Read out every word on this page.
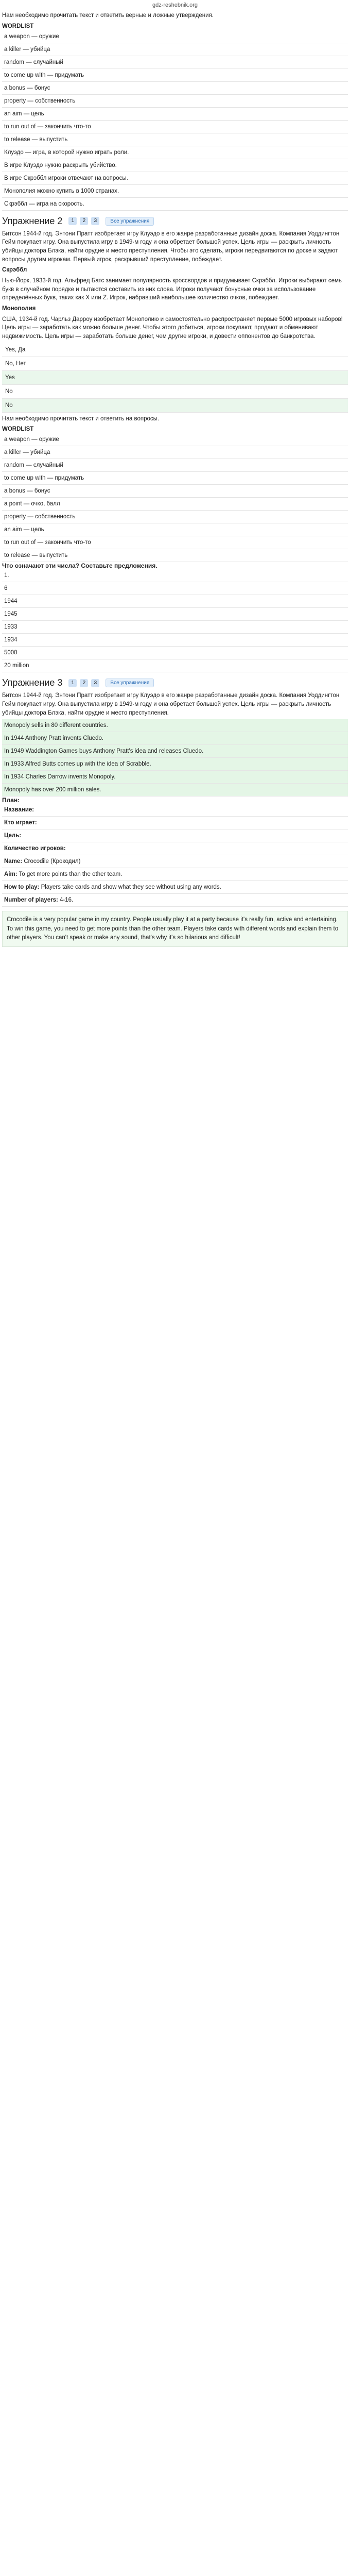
gdz-reshebnik.org
Нам необходимо прочитать текст и ответить верные и ложные утверждения.
WORDLIST
a weapon — оружие
a killer — убийца
random — случайный
to come up with — придумать
a bonus — бонус
property — собственность
an aim — цель
to run out of — закончить что-то
to release — выпустить
Клуэдо — игра, в которой нужно играть роли.
В игре Клуэдо нужно раскрыть убийство.
В игре Скрэббл игроки отвечают на вопросы.
Монополия можно купить в 1000 странах.
Скрэббл — игра на скорость.
Упражнение 2	1	2	3	Все упражнения
Битсон 1944-й год. Энтони Пратт изобретает игру Клуэдо в его жанре разработанные дизайн доска. Компания Уоддингтон Гейм покупает игру. Она выпустила игру в 1949-м году и она обретает большой успех. Цель игры — раскрыть личность убийцы доктора Блэка, найти орудие и место преступления. Чтобы это сделать, игроки передвигаются по доске и задают вопросы другим игрокам. Первый игрок, раскрывший преступление, побеждает.
Скрэббл
Нью-Йорк, 1933-й год. Альфред Батс занимает популярность кроссвордов и придумывает Скрэббл. Игроки выбирают семь букв в случайном порядке и пытаются составить из них слова. Игроки получают бонусные очки за использование определённых букв, таких как Х или Z. Игрок, набравший наибольшее количество очков, побеждает.
Монополия
США, 1934-й год. Чарльз Дарроу изобретает Монополию и самостоятельно распространяет первые 5000 игровых наборов! Цель игры — заработать как можно больше денег. Чтобы этого добиться, игроки покупают, продают и обменивают недвижимость. Цель игры — заработать больше денег, чем другие игроки, и довести оппонентов до банкротства.
Yes, Да
No, Нет
Yes
No
No
Нам необходимо прочитать текст и ответить на вопросы.
WORDLIST
a weapon — оружие
a killer — убийца
random — случайный
to come up with — придумать
a bonus — бонус
a point — очко, балл
property — собственность
an aim — цель
to run out of — закончить что-то
to release — выпустить
Что означают эти числа? Составьте предложения.
1.
6
1944
1945
1933
1934
5000
20 million
Упражнение 3	1	2	3	Все упражнения
Битсон 1944-й год. Энтони Пратт изобретает игру Клуэдо в его жанре разработанные дизайн доска. Компания Уоддингтон Гейм покупает игру. Она выпустила игру в 1949-м году и она обретает большой успех. Цель игры — раскрыть личность убийцы доктора Блэка, найти орудие и место преступления.
Monopoly sells in 80 different countries.
In 1944 Anthony Pratt invents Cluedo.
In 1949 Waddington Games buys Anthony Pratt's idea and releases Cluedo.
In 1933 Alfred Butts comes up with the idea of Scrabble.
In 1934 Charles Darrow invents Monopoly.
Monopoly has over 200 million sales.
План:
Название:
Кто играет:
Цель:
Количество игроков:
Name: Crocodile (Крокодил)
Aim: To get more points than the other team.
How to play: Players take cards and show what they see without using any words.
Number of players: 4-16.
Crocodile is a very popular game in my country. People usually play it at a party because it's really fun, active and entertaining. To win this game, you need to get more points than the other team. Players take cards with different words and explain them to other players. You can't speak or make any sound, that's why it's so hilarious and difficult!
